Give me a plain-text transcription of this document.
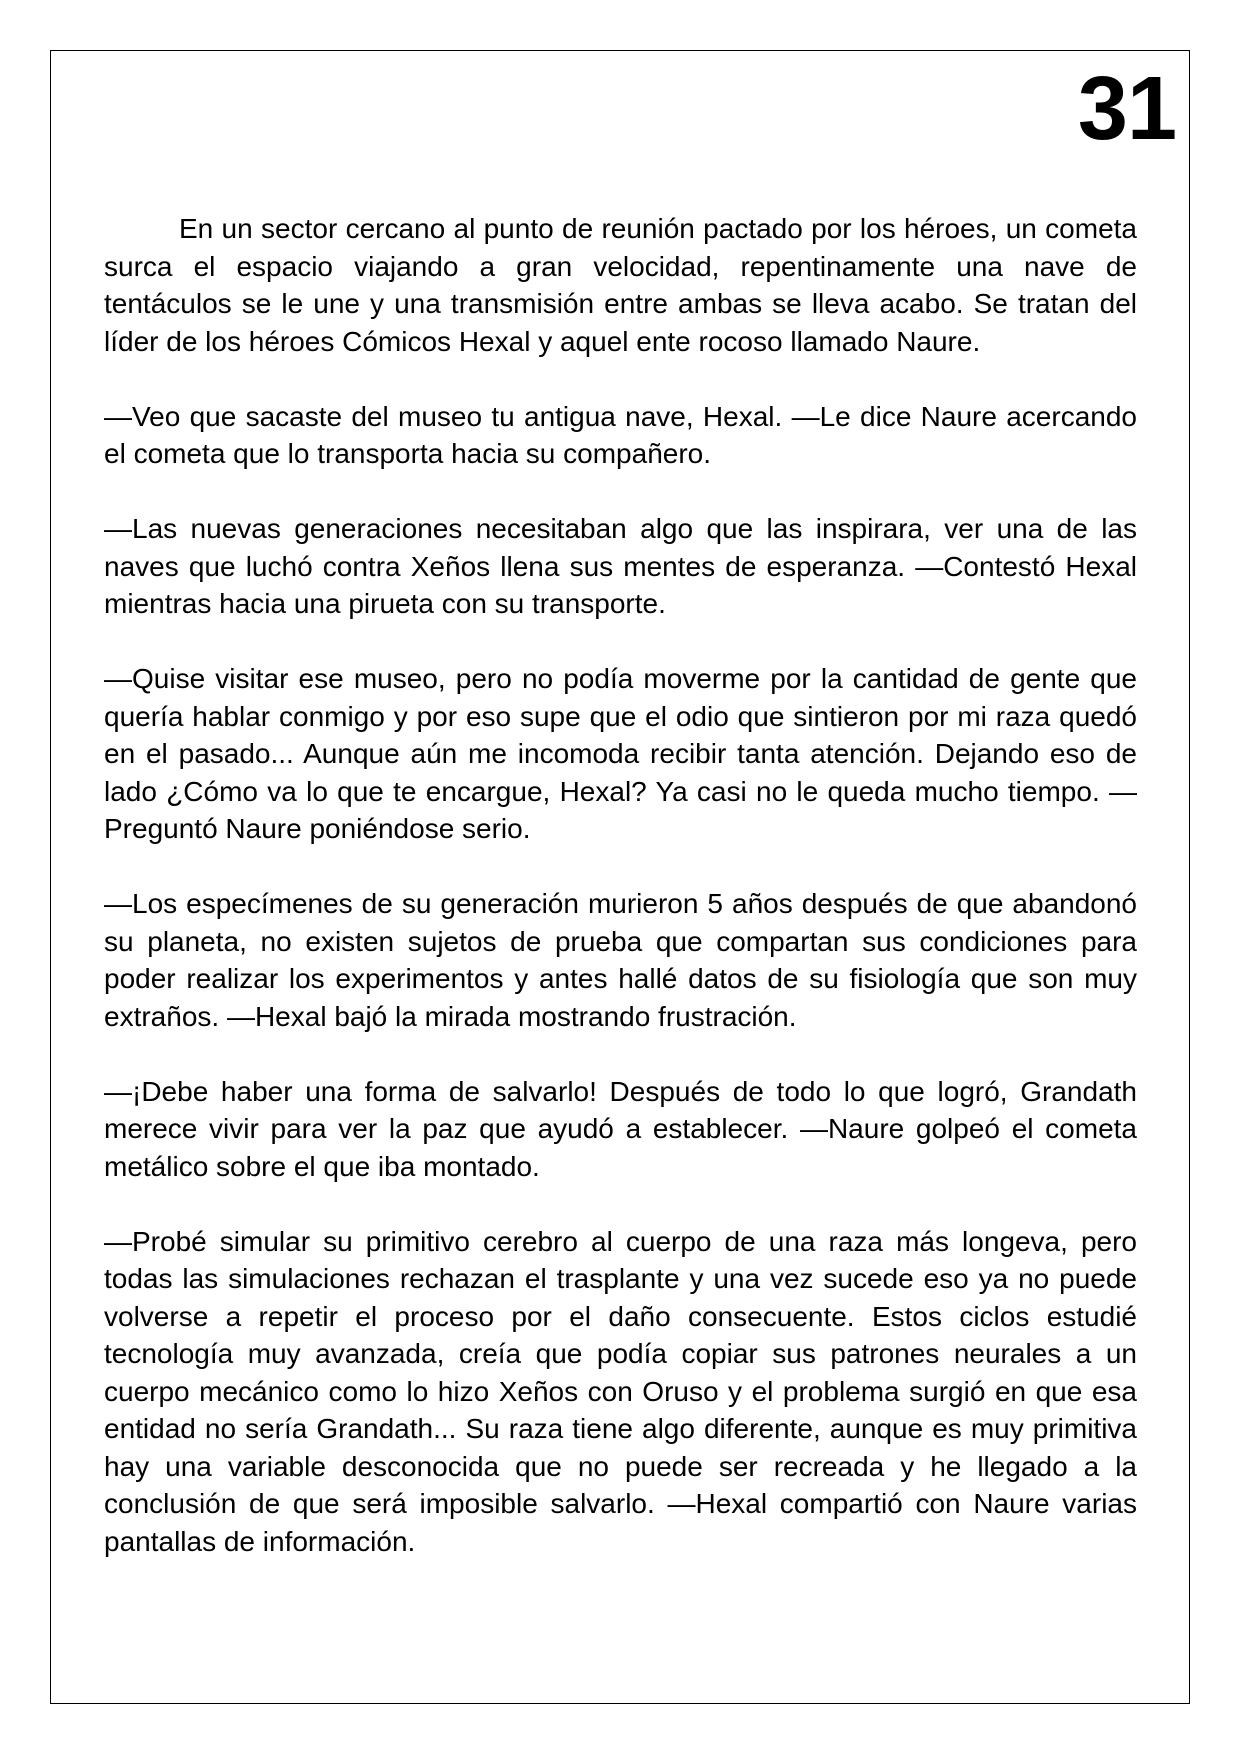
31

En un sector cercano al punto de reunión pactado por los héroes, un cometa surca el espacio viajando a gran velocidad, repentinamente una nave de tentáculos se le une y una transmisión entre ambas se lleva acabo. Se tratan del líder de los héroes Cómicos Hexal y aquel ente rocoso llamado Naure.

—Veo que sacaste del museo tu antigua nave, Hexal. —Le dice Naure acercando el cometa que lo transporta hacia su compañero.

—Las nuevas generaciones necesitaban algo que las inspirara, ver una de las naves que luchó contra Xeños llena sus mentes de esperanza. —Contestó Hexal mientras hacia una pirueta con su transporte.

—Quise visitar ese museo, pero no podía moverme por la cantidad de gente que quería hablar conmigo y por eso supe que el odio que sintieron por mi raza quedó en el pasado... Aunque aún me incomoda recibir tanta atención. Dejando eso de lado ¿Cómo va lo que te encargue, Hexal? Ya casi no le queda mucho tiempo. —Preguntó Naure poniéndose serio.

—Los especímenes de su generación murieron 5 años después de que abandonó su planeta, no existen sujetos de prueba que compartan sus condiciones para poder realizar los experimentos y antes hallé datos de su fisiología que son muy extraños. —Hexal bajó la mirada mostrando frustración.

—¡Debe haber una forma de salvarlo! Después de todo lo que logró, Grandath merece vivir para ver la paz que ayudó a establecer. —Naure golpeó el cometa metálico sobre el que iba montado.

—Probé simular su primitivo cerebro al cuerpo de una raza más longeva, pero todas las simulaciones rechazan el trasplante y una vez sucede eso ya no puede volverse a repetir el proceso por el daño consecuente. Estos ciclos estudié tecnología muy avanzada, creía que podía copiar sus patrones neurales a un cuerpo mecánico como lo hizo Xeños con Oruso y el problema surgió en que esa entidad no sería Grandath... Su raza tiene algo diferente, aunque es muy primitiva hay una variable desconocida que no puede ser recreada y he llegado a la conclusión de que será imposible salvarlo. —Hexal compartió con Naure varias pantallas de información.
